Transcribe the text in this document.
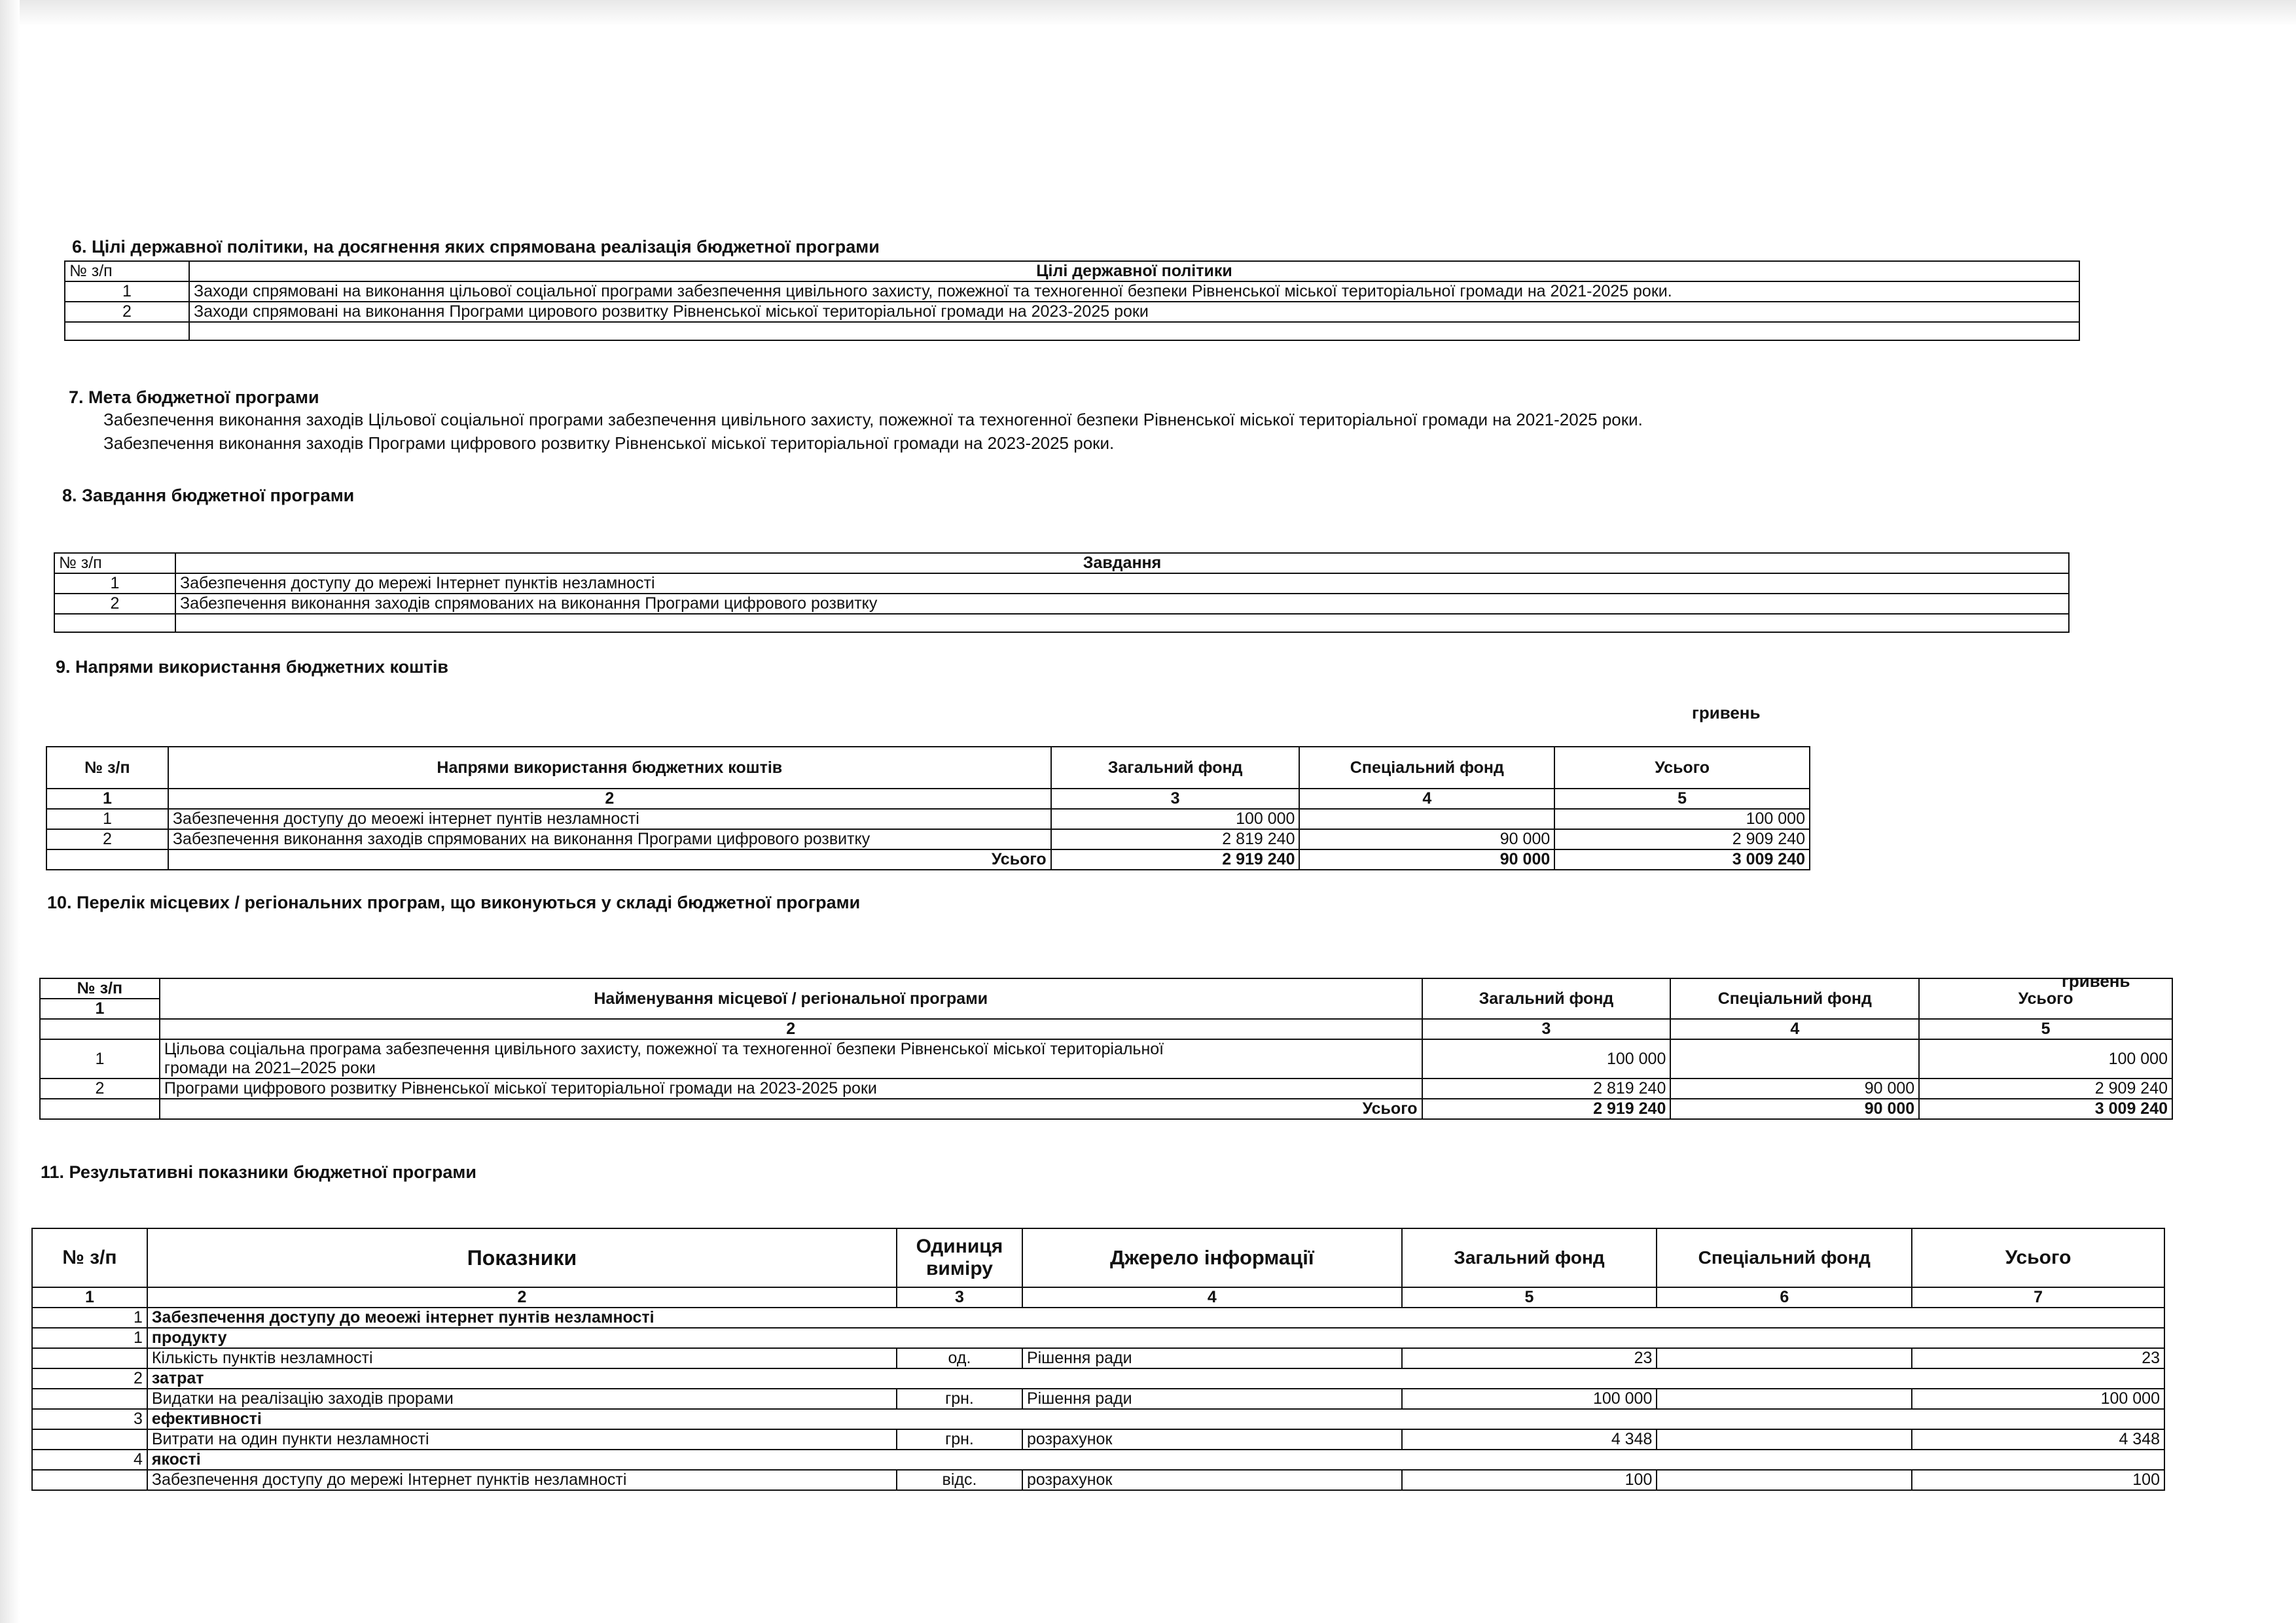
6. Цілі державної політики, на досягнення яких спрямована реалізація бюджетної програми
№ з/п	Цілі державної політики
1	Заходи спрямовані на виконання цільової соціальної програми забезпечення цивільного захисту, пожежної та техногенної безпеки Рівненської міської територіальної громади на 2021-2025 роки.
2	Заходи спрямовані на виконання Програми цирового розвитку Рівненської міської територіальної громади на 2023-2025 роки

7. Мета бюджетної програми
Забезпечення виконання заходів Цільової соціальної програми забезпечення цивільного захисту, пожежної та техногенної безпеки Рівненської міської територіальної громади на 2021-2025 роки.
Забезпечення виконання заходів Програми цифрового розвитку Рівненської міської територіальної громади на 2023-2025 роки.
8. Завдання бюджетної програми
№ з/п	Завдання
1	Забезпечення доступу до мережі Інтернет пунктів незламності
2	Забезпечення виконання заходів спрямованих на виконання Програми цифрового розвитку

9. Напрями використання бюджетних коштів
гривень
№ з/п	Напрями використання бюджетних коштів	Загальний фонд	Спеціальний фонд	Усього
1	2	3	4	5
1	Забезпечення доступу до меоежі інтернет пунтів незламності	100 000		100 000
2	Забезпечення виконання заходів спрямованих на виконання Програми цифрового розвитку	2 819 240	90 000	2 909 240
	Усього	2 919 240	90 000	3 009 240
10. Перелік місцевих / регіональних програм, що виконуються у складі бюджетної програми
гривень
№ з/п	Найменування місцевої / регіональної програми	Загальний фонд	Спеціальний фонд	Усього
1				
	2	3	4	5
1	Цільова соціальна програма забезпечення цивільного захисту, пожежної та техногенної безпеки Рівненської міської територіальної
громади на 2021–2025 роки	100 000		100 000
2	Програми цифрового розвитку Рівненської міської територіальної громади на 2023-2025 роки	2 819 240	90 000	2 909 240
	Усього	2 919 240	90 000	3 009 240
11. Результативні показники бюджетної програми
№ з/п	Показники	Одиниця виміру	Джерело інформації	Загальний фонд	Спеціальний фонд	Усього
1	2	3	4	5	6	7
1	Забезпечення доступу до меоежі інтернет пунтів незламності					
1	продукту					
	Кількість пунктів незламності	од.	Рішення ради	23		23
2	затрат					
	Видатки на реалізацію заходів прорами	грн.	Рішення ради	100 000		100 000
3	ефективності					
	Витрати на один пункти незламності	грн.	розрахунок	4 348		4 348
4	якості					
	Забезпечення доступу до мережі Інтернет пунктів незламності	відс.	розрахунок	100		100
